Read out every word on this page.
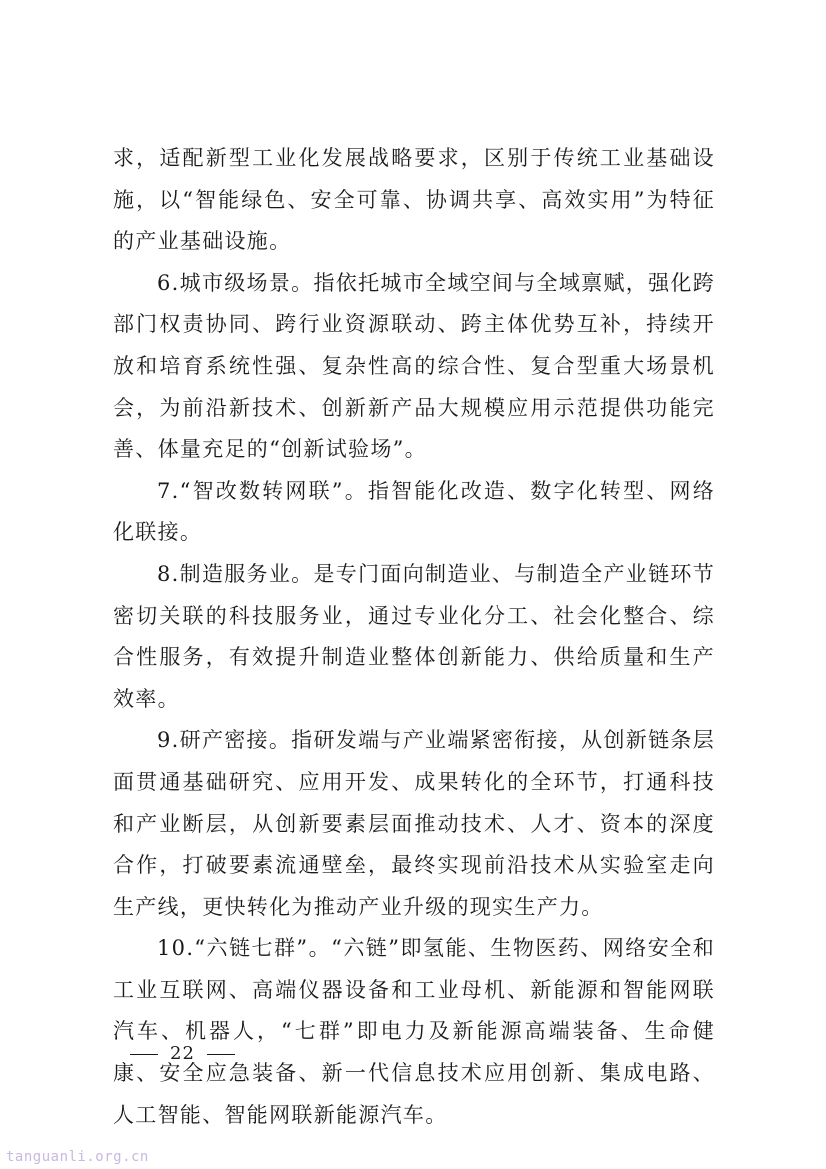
求，适配新型工业化发展战略要求，区别于传统工业基础设施，以“智能绿色、安全可靠、协调共享、高效实用”为特征的产业基础设施。

6.城市级场景。指依托城市全域空间与全域禀赋，强化跨部门权责协同、跨行业资源联动、跨主体优势互补，持续开放和培育系统性强、复杂性高的综合性、复合型重大场景机会，为前沿新技术、创新新产品大规模应用示范提供功能完善、体量充足的“创新试验场”。

7.“智改数转网联”。指智能化改造、数字化转型、网络化联接。

8.制造服务业。是专门面向制造业、与制造全产业链环节密切关联的科技服务业，通过专业化分工、社会化整合、综合性服务，有效提升制造业整体创新能力、供给质量和生产效率。

9.研产密接。指研发端与产业端紧密衔接，从创新链条层面贯通基础研究、应用开发、成果转化的全环节，打通科技和产业断层，从创新要素层面推动技术、人才、资本的深度合作，打破要素流通壁垒，最终实现前沿技术从实验室走向生产线，更快转化为推动产业升级的现实生产力。

10.“六链七群”。“六链”即氢能、生物医药、网络安全和工业互联网、高端仪器设备和工业母机、新能源和智能网联汽车、机器人，“七群”即电力及新能源高端装备、生命健康、安全应急装备、新一代信息技术应用创新、集成电路、人工智能、智能网联新能源汽车。

22
tanguanli.org.cn
